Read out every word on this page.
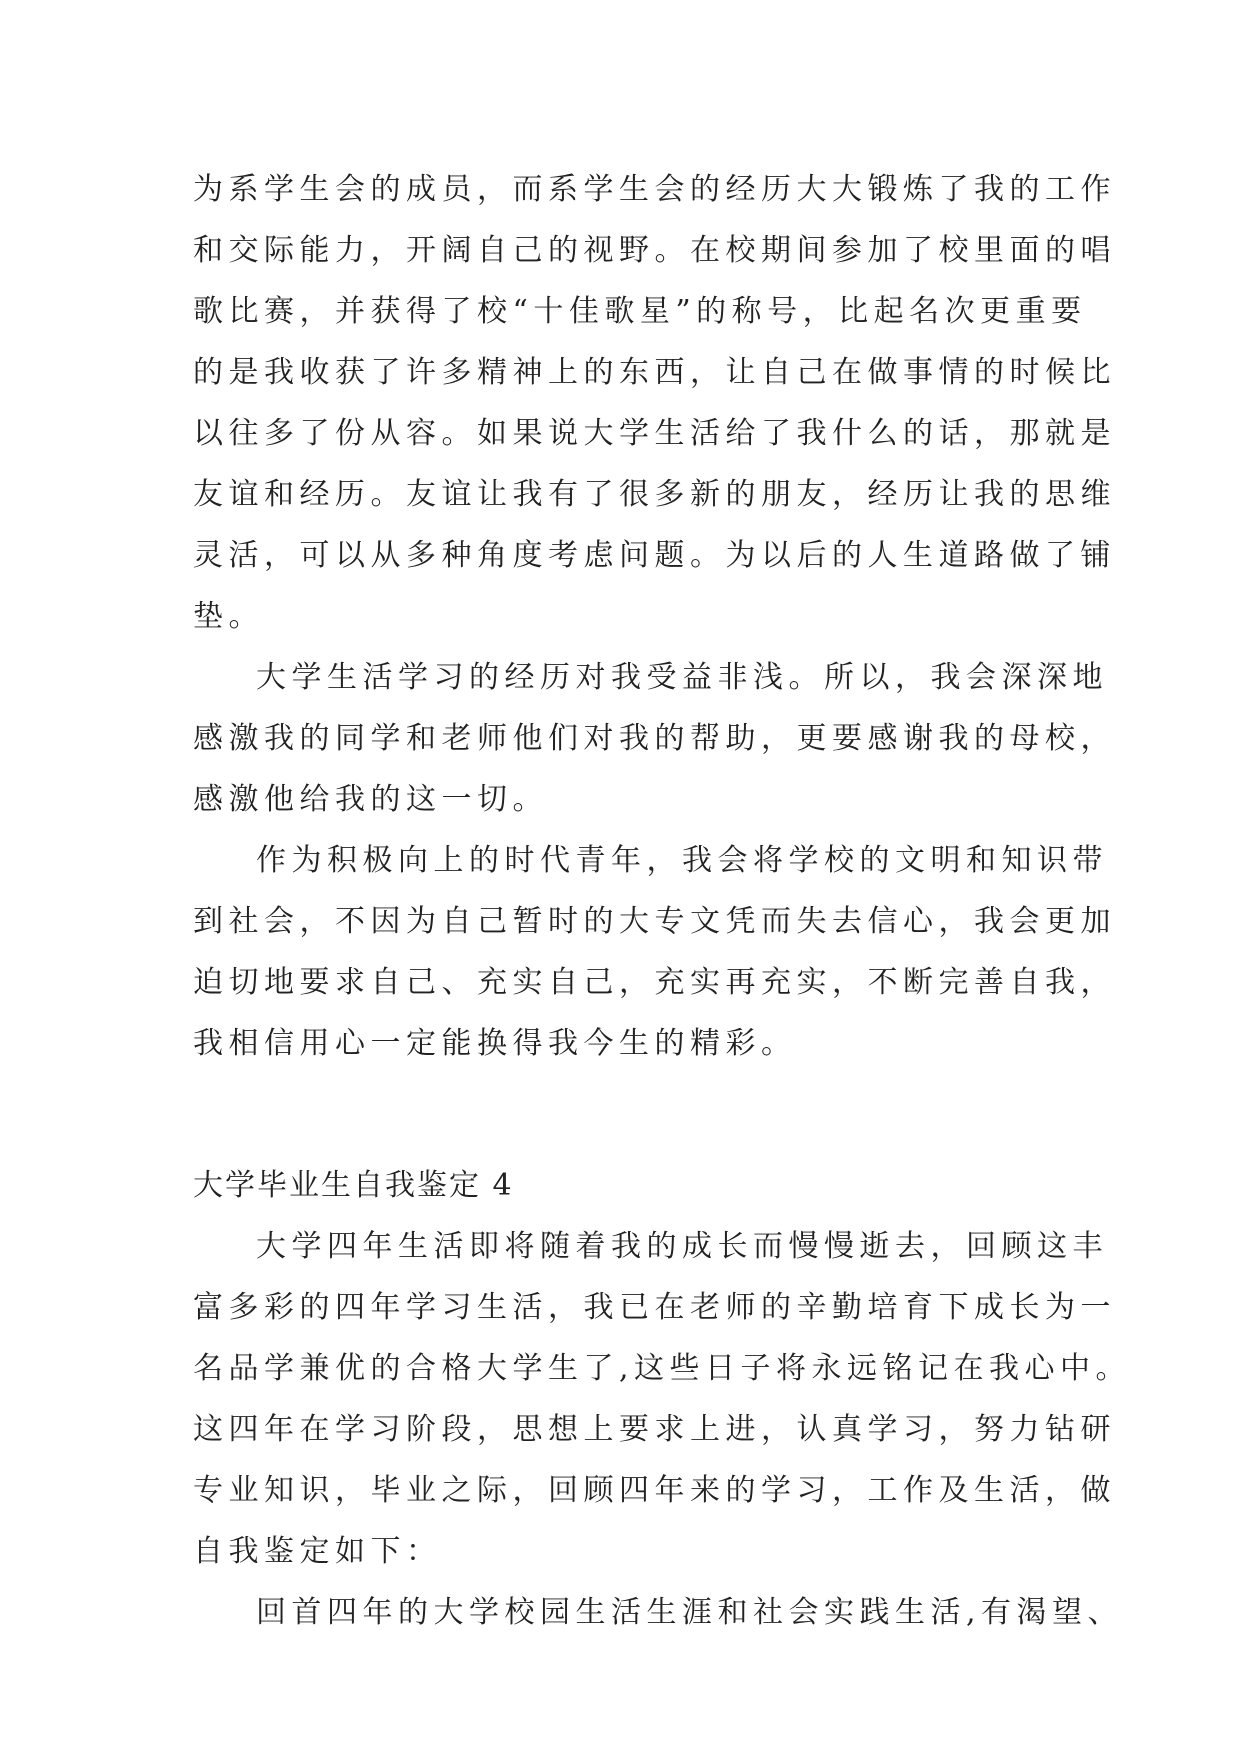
为系学生会的成员，而系学生会的经历大大锻炼了我的工作
和交际能力，开阔自己的视野。在校期间参加了校里面的唱
歌比赛，并获得了校“十佳歌星”的称号，比起名次更重要
的是我收获了许多精神上的东西，让自己在做事情的时候比
以往多了份从容。如果说大学生活给了我什么的话，那就是
友谊和经历。友谊让我有了很多新的朋友，经历让我的思维
灵活，可以从多种角度考虑问题。为以后的人生道路做了铺
垫。
大学生活学习的经历对我受益非浅。所以，我会深深地
感激我的同学和老师他们对我的帮助，更要感谢我的母校，
感激他给我的这一切。
作为积极向上的时代青年，我会将学校的文明和知识带
到社会，不因为自己暂时的大专文凭而失去信心，我会更加
迫切地要求自己、充实自己，充实再充实，不断完善自我，
我相信用心一定能换得我今生的精彩。
大学毕业生自我鉴定 4
大学四年生活即将随着我的成长而慢慢逝去，回顾这丰
富多彩的四年学习生活，我已在老师的辛勤培育下成长为一
名品学兼优的合格大学生了,这些日子将永远铭记在我心中。
这四年在学习阶段，思想上要求上进，认真学习，努力钻研
专业知识，毕业之际，回顾四年来的学习，工作及生活，做
自我鉴定如下：
回首四年的大学校园生活生涯和社会实践生活,有渴望、
